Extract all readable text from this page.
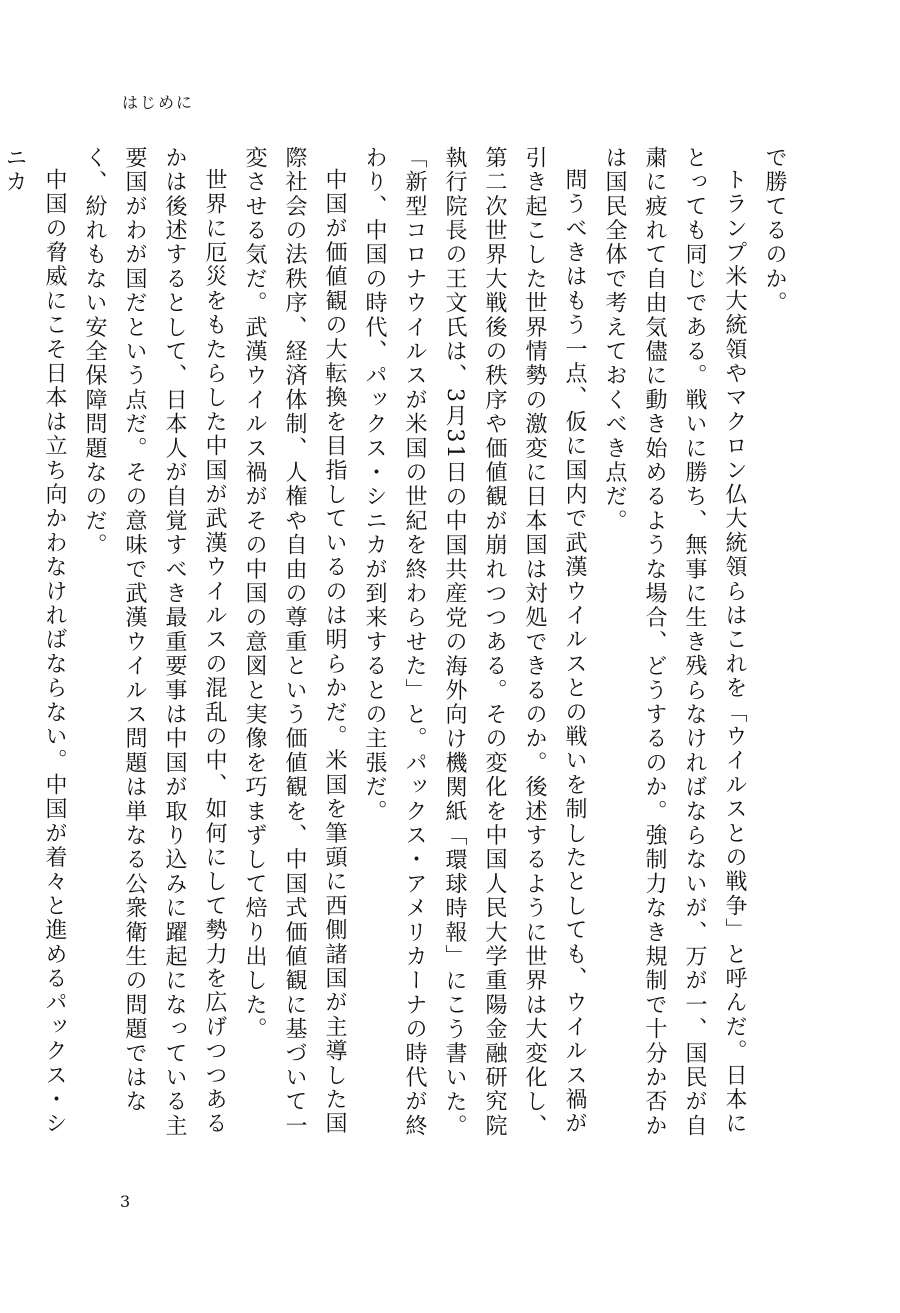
はじめに

で勝てるのか。

トランプ米大統領やマクロン仏大統領らはこれを「ウイルスとの戦争」と呼んだ。日本にとっても同じである。戦いに勝ち、無事に生き残らなければならないが、万が一、国民が自粛に疲れて自由気儘に動き始めるような場合、どうするのか。強制力なき規制で十分か否かは国民全体で考えておくべき点だ。

問うべきはもう一点、仮に国内で武漢ウイルスとの戦いを制したとしても、ウイルス禍が引き起こした世界情勢の激変に日本国は対処できるのか。後述するように世界は大変化し、第二次世界大戦後の秩序や価値観が崩れつつある。その変化を中国人民大学重陽金融研究院執行院長の王文氏は、3月31日の中国共産党の海外向け機関紙「環球時報」にこう書いた。「新型コロナウイルスが米国の世紀を終わらせた」と。パックス・アメリカーナの時代が終わり、中国の時代、パックス・シニカが到来するとの主張だ。

中国が価値観の大転換を目指しているのは明らかだ。米国を筆頭に西側諸国が主導した国際社会の法秩序、経済体制、人権や自由の尊重という価値観を、中国式価値観に基づいて一変させる気だ。武漢ウイルス禍がその中国の意図と実像を巧まずして焙り出した。

世界に厄災をもたらした中国が武漢ウイルスの混乱の中、如何にして勢力を広げつつあるかは後述するとして、日本人が自覚すべき最重要事は中国が取り込みに躍起になっている主要国がわが国だという点だ。その意味で武漢ウイルス問題は単なる公衆衛生の問題ではなく、紛れもない安全保障問題なのだ。

中国の脅威にこそ日本は立ち向かわなければならない。中国が着々と進めるパックス・シニカ

3
